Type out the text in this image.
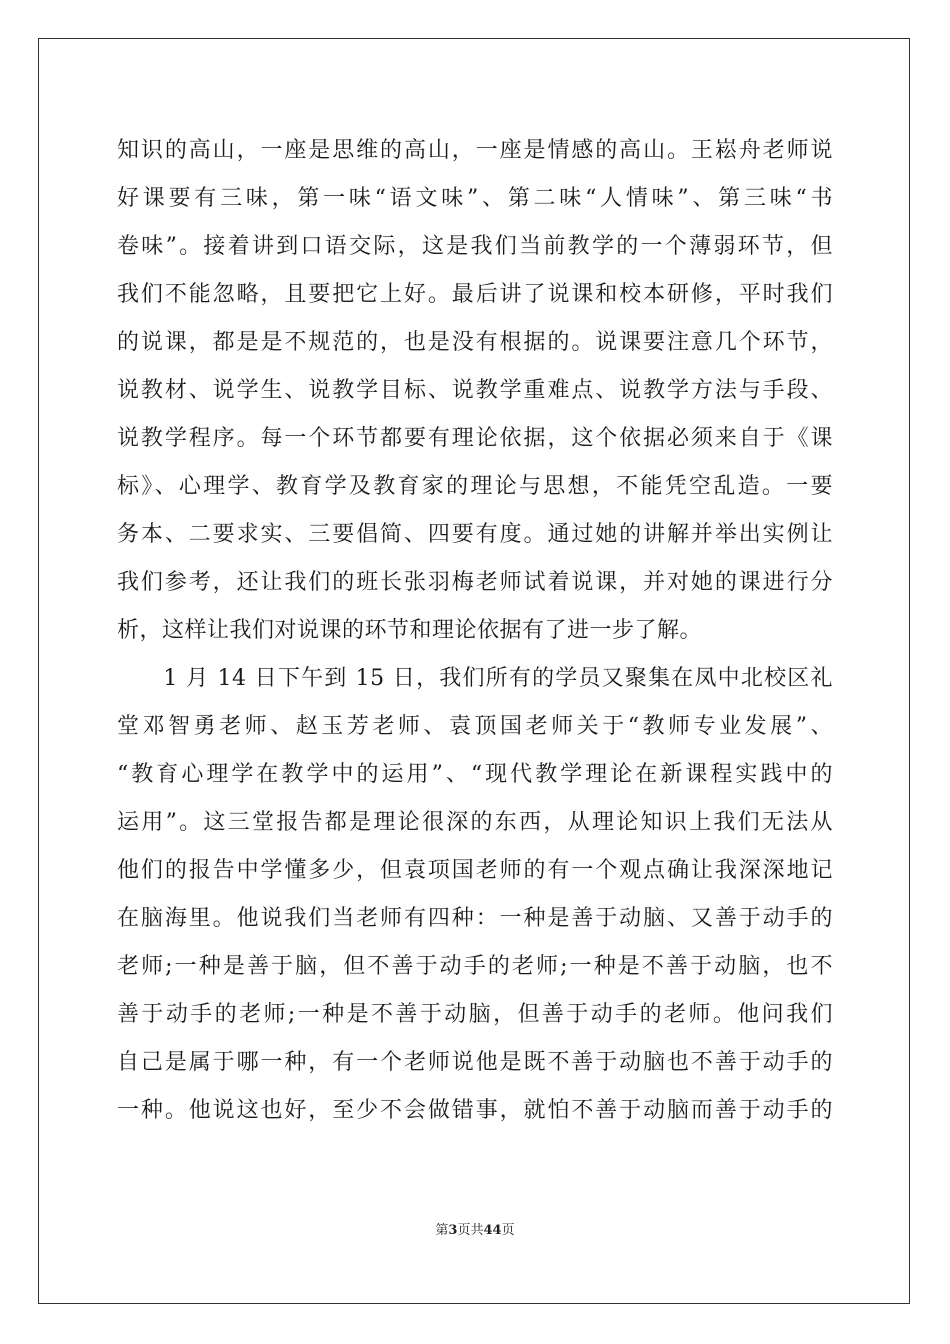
知识的高山，一座是思维的高山，一座是情感的高山。王崧舟老师说
好课要有三味，第一味“语文味”、第二味“人情味”、第三味“书
卷味”。接着讲到口语交际，这是我们当前教学的一个薄弱环节，但
我们不能忽略，且要把它上好。最后讲了说课和校本研修，平时我们
的说课，都是是不规范的，也是没有根据的。说课要注意几个环节，
说教材、说学生、说教学目标、说教学重难点、说教学方法与手段、
说教学程序。每一个环节都要有理论依据，这个依据必须来自于《课
标》、心理学、教育学及教育家的理论与思想，不能凭空乱造。一要
务本、二要求实、三要倡简、四要有度。通过她的讲解并举出实例让
我们参考，还让我们的班长张羽梅老师试着说课，并对她的课进行分
析，这样让我们对说课的环节和理论依据有了进一步了解。
　　1 月 14 日下午到 15 日，我们所有的学员又聚集在凤中北校区礼
堂邓智勇老师、赵玉芳老师、袁顶国老师关于“教师专业发展”、
“教育心理学在教学中的运用”、“现代教学理论在新课程实践中的
运用”。这三堂报告都是理论很深的东西，从理论知识上我们无法从
他们的报告中学懂多少，但袁项国老师的有一个观点确让我深深地记
在脑海里。他说我们当老师有四种：一种是善于动脑、又善于动手的
老师;一种是善于脑，但不善于动手的老师;一种是不善于动脑，也不
善于动手的老师;一种是不善于动脑，但善于动手的老师。他问我们
自己是属于哪一种，有一个老师说他是既不善于动脑也不善于动手的
一种。他说这也好，至少不会做错事，就怕不善于动脑而善于动手的
第3页共44页
